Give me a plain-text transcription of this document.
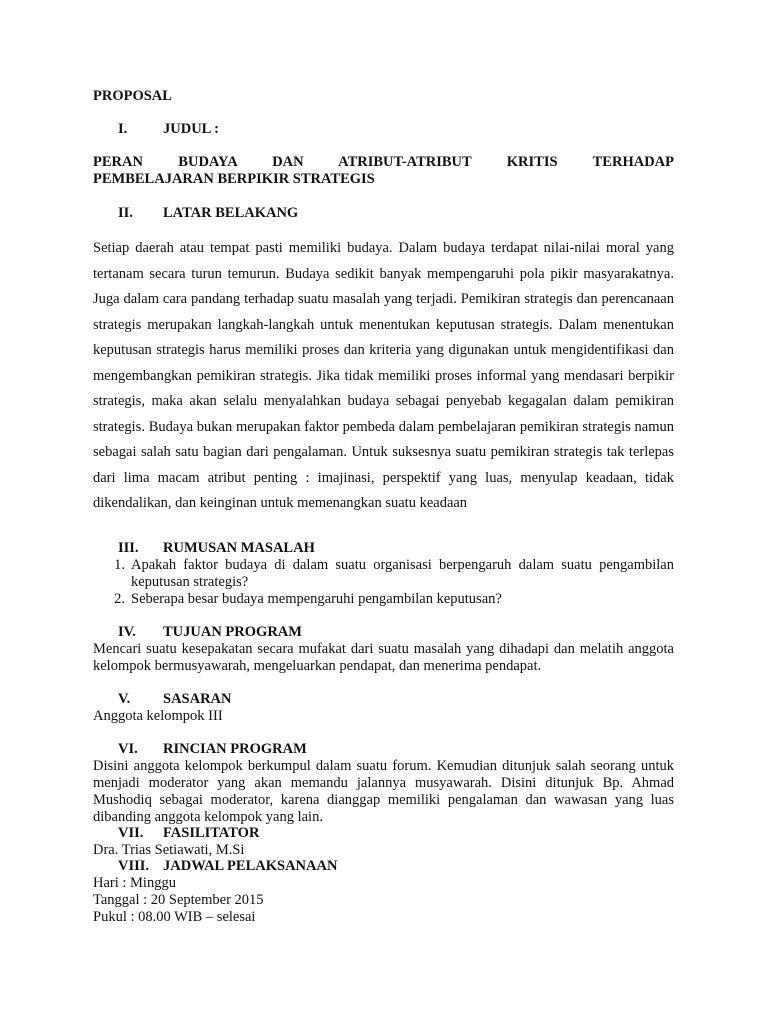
PROPOSAL
I.	JUDUL :
PERAN BUDAYA DAN ATRIBUT-ATRIBUT KRITIS TERHADAP
PEMBELAJARAN BERPIKIR STRATEGIS
II.	LATAR BELAKANG

Setiap daerah atau tempat pasti memiliki budaya. Dalam budaya terdapat nilai-nilai moral yang tertanam secara turun temurun. Budaya sedikit banyak mempengaruhi pola pikir masyarakatnya. Juga dalam cara pandang terhadap suatu masalah yang terjadi. Pemikiran strategis dan perencanaan strategis merupakan langkah-langkah untuk menentukan keputusan strategis. Dalam menentukan keputusan strategis harus memiliki proses dan kriteria yang digunakan untuk mengidentifikasi dan mengembangkan pemikiran strategis. Jika tidak memiliki proses informal yang mendasari berpikir strategis, maka akan selalu menyalahkan budaya sebagai penyebab kegagalan dalam pemikiran strategis. Budaya bukan merupakan faktor pembeda dalam pembelajaran pemikiran strategis namun sebagai salah satu bagian dari pengalaman. Untuk suksesnya suatu pemikiran strategis tak terlepas dari lima macam atribut penting : imajinasi, perspektif yang luas, menyulap keadaan, tidak dikendalikan, dan keinginan untuk memenangkan suatu keadaan

III.	RUMUSAN MASALAH
1. Apakah faktor budaya di dalam suatu organisasi berpengaruh dalam suatu pengambilan keputusan strategis?
2. Seberapa besar budaya mempengaruhi pengambilan keputusan?
IV.	TUJUAN PROGRAM
Mencari suatu kesepakatan secara mufakat dari suatu masalah yang dihadapi dan melatih anggota kelompok bermusyawarah, mengeluarkan pendapat, dan menerima pendapat.
V.	SASARAN
Anggota kelompok III
VI.	RINCIAN PROGRAM
Disini anggota kelompok berkumpul dalam suatu forum. Kemudian ditunjuk salah seorang untuk menjadi moderator yang akan memandu jalannya musyawarah. Disini ditunjuk Bp. Ahmad Mushodiq sebagai moderator, karena dianggap memiliki pengalaman dan wawasan yang luas dibanding anggota kelompok yang lain.
VII.	FASILITATOR
Dra. Trias Setiawati, M.Si
VIII. JADWAL PELAKSANAAN
Hari : Minggu
Tanggal : 20 September 2015
Pukul : 08.00 WIB – selesai
